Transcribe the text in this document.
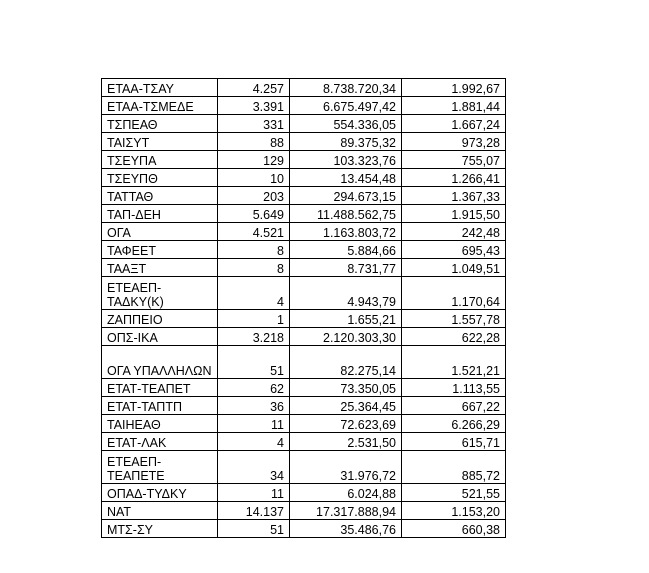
ΕΤΑΑ-ΤΣΑΥ	4.257	8.738.720,34	1.992,67
ΕΤΑΑ-ΤΣΜΕΔΕ	3.391	6.675.497,42	1.881,44
ΤΣΠΕΑΘ	331	554.336,05	1.667,24
ΤΑΙΣΥΤ	88	89.375,32	973,28
ΤΣΕΥΠΑ	129	103.323,76	755,07
ΤΣΕΥΠΘ	10	13.454,48	1.266,41
ΤΑΤΤΑΘ	203	294.673,15	1.367,33
ΤΑΠ-ΔΕΗ	5.649	11.488.562,75	1.915,50
ΟΓΑ	4.521	1.163.803,72	242,48
ΤΑΦΕΕΤ	8	5.884,66	695,43
ΤΑΑΞΤ	8	8.731,77	1.049,51
ΕΤΕΑΕΠ-ΤΑΔΚΥ(Κ)	4	4.943,79	1.170,64
ΖΑΠΠΕΙΟ	1	1.655,21	1.557,78
ΟΠΣ-ΙΚΑ	3.218	2.120.303,30	622,28
ΟΓΑ ΥΠΑΛΛΗΛΩΝ	51	82.275,14	1.521,21
ΕΤΑΤ-ΤΕΑΠΕΤ	62	73.350,05	1.113,55
ΕΤΑΤ-ΤΑΠΤΠ	36	25.364,45	667,22
ΤΑΙΗΕΑΘ	11	72.623,69	6.266,29
ΕΤΑΤ-ΛΑΚ	4	2.531,50	615,71
ΕΤΕΑΕΠ-ΤΕΑΠΕΤΕ	34	31.976,72	885,72
ΟΠΑΔ-ΤΥΔΚΥ	11	6.024,88	521,55
ΝΑΤ	14.137	17.317.888,94	1.153,20
ΜΤΣ-ΣΥ	51	35.486,76	660,38
